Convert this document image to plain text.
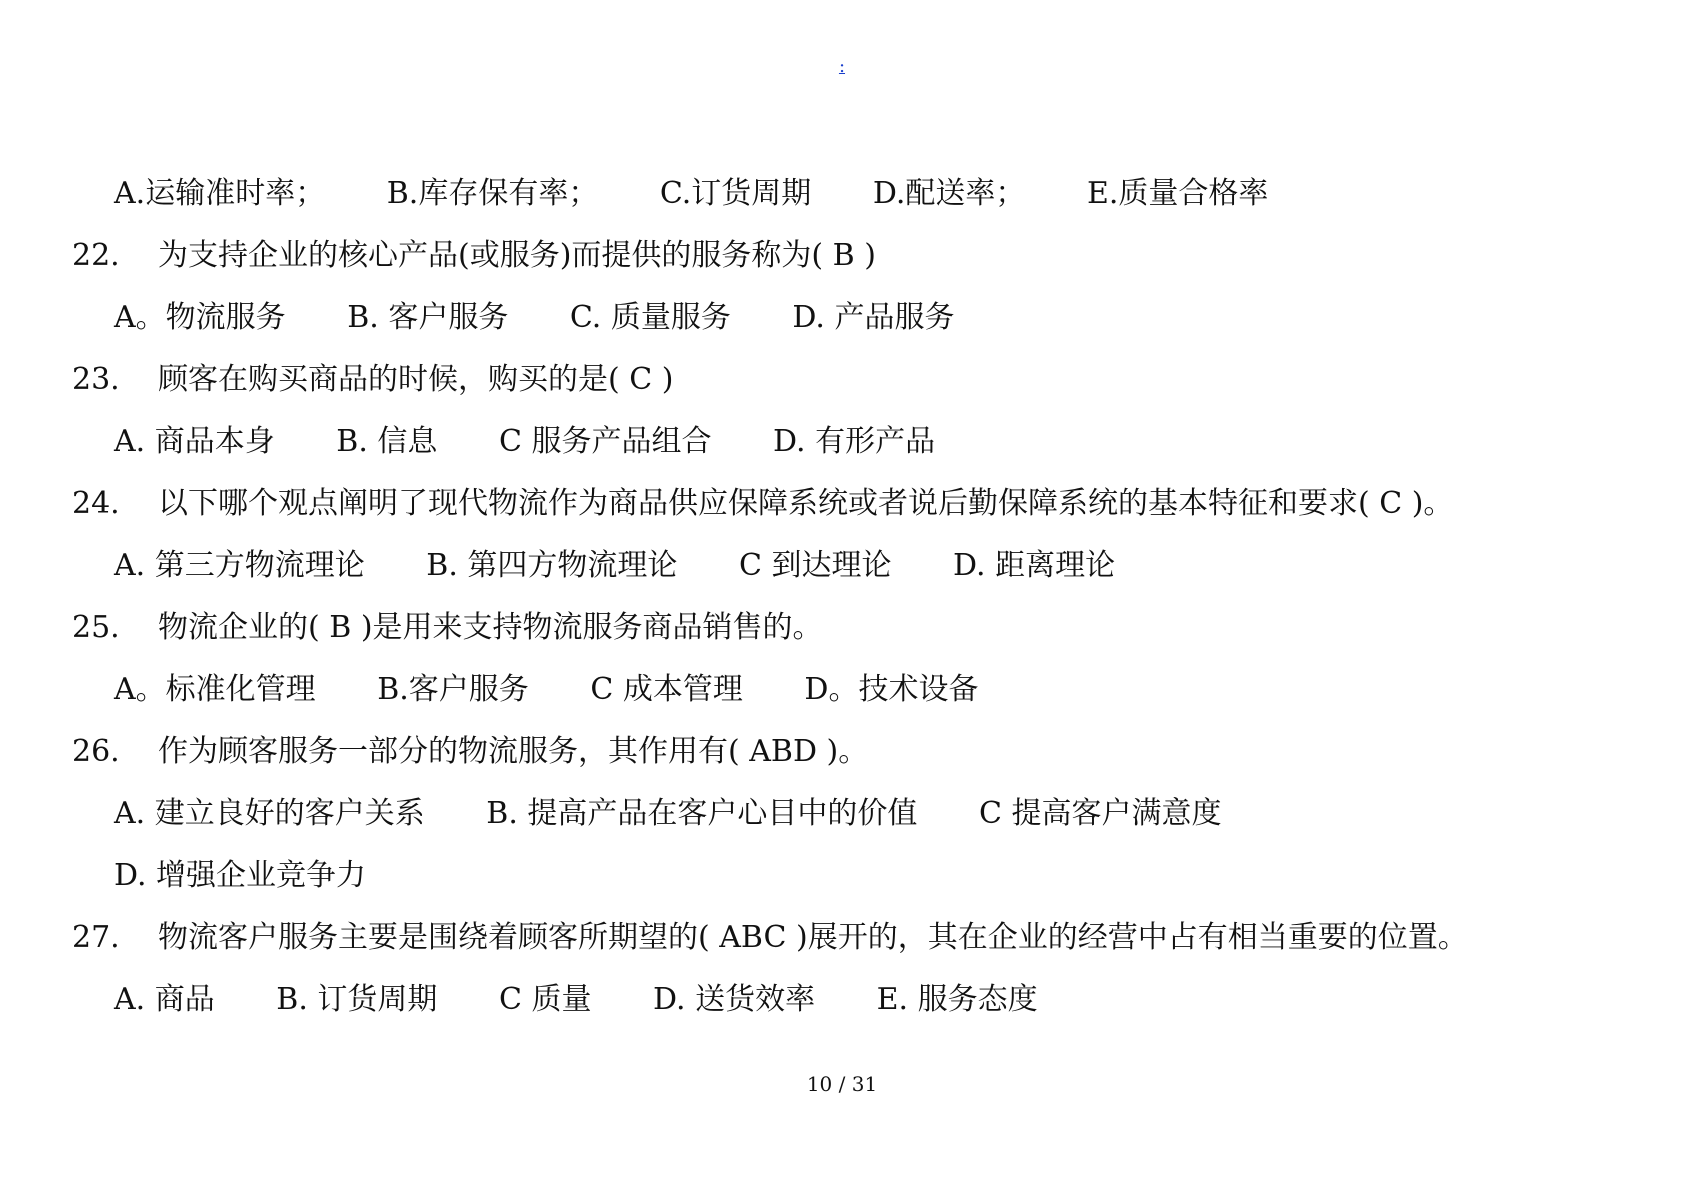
:
A.运输准时率； B.库存保有率； C.订货周期 D.配送率； E.质量合格率
22. 为支持企业的核心产品(或服务)而提供的服务称为( B )
A。物流服务 B. 客户服务 C. 质量服务 D. 产品服务
23. 顾客在购买商品的时候，购买的是( C )
A. 商品本身 B. 信息 C 服务产品组合 D. 有形产品
24. 以下哪个观点阐明了现代物流作为商品供应保障系统或者说后勤保障系统的基本特征和要求( C )。
A. 第三方物流理论 B. 第四方物流理论 C 到达理论 D. 距离理论
25. 物流企业的( B )是用来支持物流服务商品销售的。
A。标准化管理 B.客户服务 C 成本管理 D。技术设备
26. 作为顾客服务一部分的物流服务，其作用有( ABD )。
A. 建立良好的客户关系 B. 提高产品在客户心目中的价值 C 提高客户满意度
D. 增强企业竞争力
27. 物流客户服务主要是围绕着顾客所期望的( ABC )展开的，其在企业的经营中占有相当重要的位置。
A. 商品 B. 订货周期 C 质量 D. 送货效率 E. 服务态度
10 / 31
